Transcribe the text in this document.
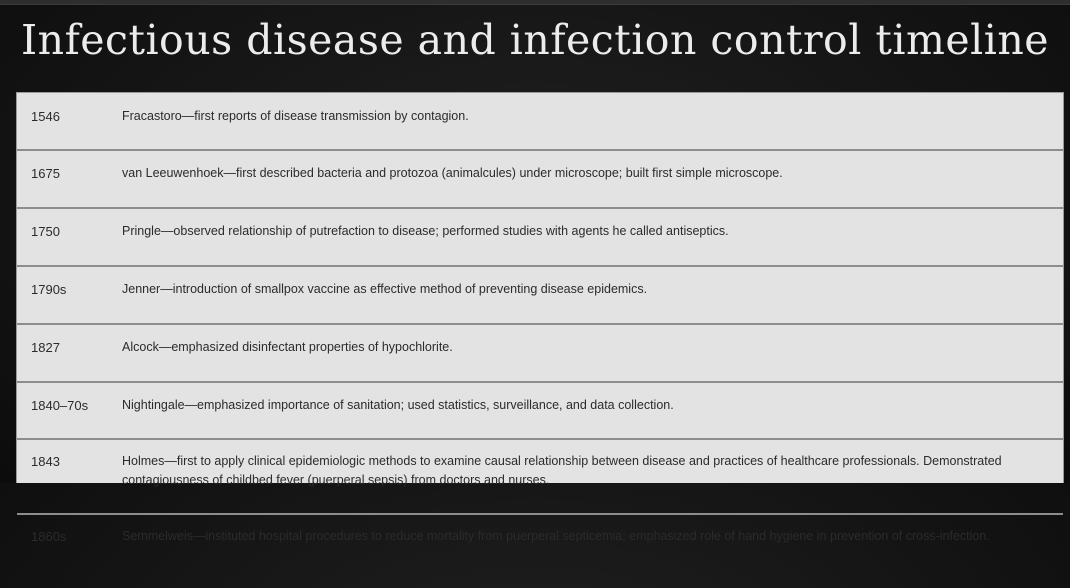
Infectious disease and infection control timeline
1546	Fracastoro—first reports of disease transmission by contagion.
1675	van Leeuwenhoek—first described bacteria and protozoa (animalcules) under microscope; built first simple microscope.
1750	Pringle—observed relationship of putrefaction to disease; performed studies with agents he called antiseptics.
1790s	Jenner—introduction of smallpox vaccine as effective method of preventing disease epidemics.
1827	Alcock—emphasized disinfectant properties of hypochlorite.
1840–70s	Nightingale—emphasized importance of sanitation; used statistics, surveillance, and data collection.
1843	Holmes—first to apply clinical epidemiologic methods to examine causal relationship between disease and practices of healthcare professionals. Demonstrated contagiousness of childbed fever (puerperal sepsis) from doctors and nurses.
1860s	Semmelweis—instituted hospital procedures to reduce mortality from puerperal septicemia; emphasized role of hand hygiene in prevention of cross-infection.
